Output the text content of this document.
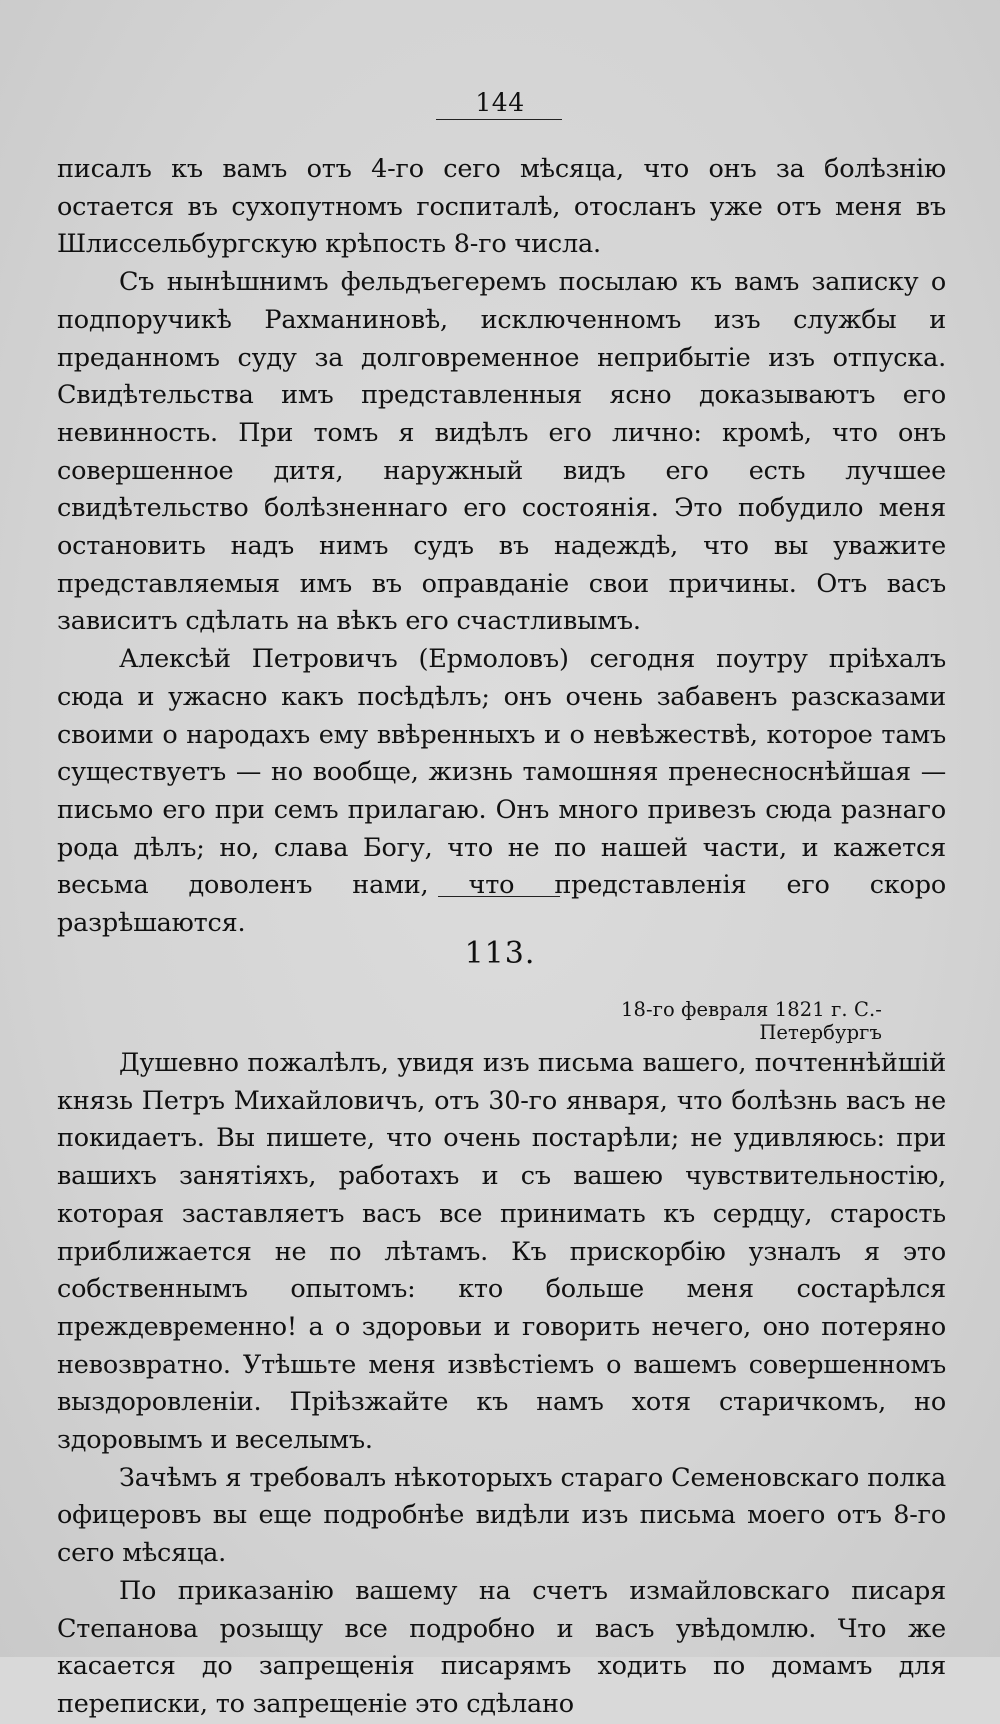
144

писалъ къ вамъ отъ 4-го сего мѣсяца, что онъ за болѣзнію остается въ сухопутномъ госпиталѣ, отосланъ уже отъ меня въ Шлиссельбургскую крѣпость 8-го числа.

Съ нынѣшнимъ фельдъегеремъ посылаю къ вамъ записку о подпоручикѣ Рахманиновѣ, исключенномъ изъ службы и преданномъ суду за долговременное неприбытіе изъ отпуска. Свидѣтельства имъ представленныя ясно доказываютъ его невинность. При томъ я видѣлъ его лично: кромѣ, что онъ совершенное дитя, наружный видъ его есть лучшее свидѣтельство болѣзненнаго его состоянія. Это побудило меня остановить надъ нимъ судъ въ надеждѣ, что вы уважите представляемыя имъ въ оправданіе свои причины. Отъ васъ зависитъ сдѣлать на вѣкъ его счастливымъ.

Алексѣй Петровичъ (Ермоловъ) сегодня поутру пріѣхалъ сюда и ужасно какъ посѣдѣлъ; онъ очень забавенъ разсказами своими о народахъ ему ввѣренныхъ и о невѣжествѣ, которое тамъ существуетъ — но вообще, жизнь тамошняя пренесноснѣйшая — письмо его при семъ прилагаю. Онъ много привезъ сюда разнаго рода дѣлъ; но, слава Богу, что не по нашей части, и кажется весьма доволенъ нами, что представленія его скоро разрѣшаются.

113.
18-го февраля 1821 г. С.-Петербургъ

Душевно пожалѣлъ, увидя изъ письма вашего, почтеннѣйшій князь Петръ Михайловичъ, отъ 30-го января, что болѣзнь васъ не покидаетъ. Вы пишете, что очень постарѣли; не удивляюсь: при вашихъ занятіяхъ, работахъ и съ вашею чувствительностію, которая заставляетъ васъ все принимать къ сердцу, старость приближается не по лѣтамъ. Къ прискорбію узналъ я это собственнымъ опытомъ: кто больше меня состарѣлся преждевременно! а о здоровьи и говорить нечего, оно потеряно невозвратно. Утѣшьте меня извѣстіемъ о вашемъ совершенномъ выздоровленіи. Пріѣзжайте къ намъ хотя старичкомъ, но здоровымъ и веселымъ.

Зачѣмъ я требовалъ нѣкоторыхъ стараго Семеновскаго полка офицеровъ вы еще подробнѣе видѣли изъ письма моего отъ 8-го сего мѣсяца.

По приказанію вашему на счетъ измайловскаго писаря Степанова розыщу все подробно и васъ увѣдомлю. Что же касается до запрещенія писарямъ ходить по домамъ для переписки, то запрещеніе это сдѣлано
